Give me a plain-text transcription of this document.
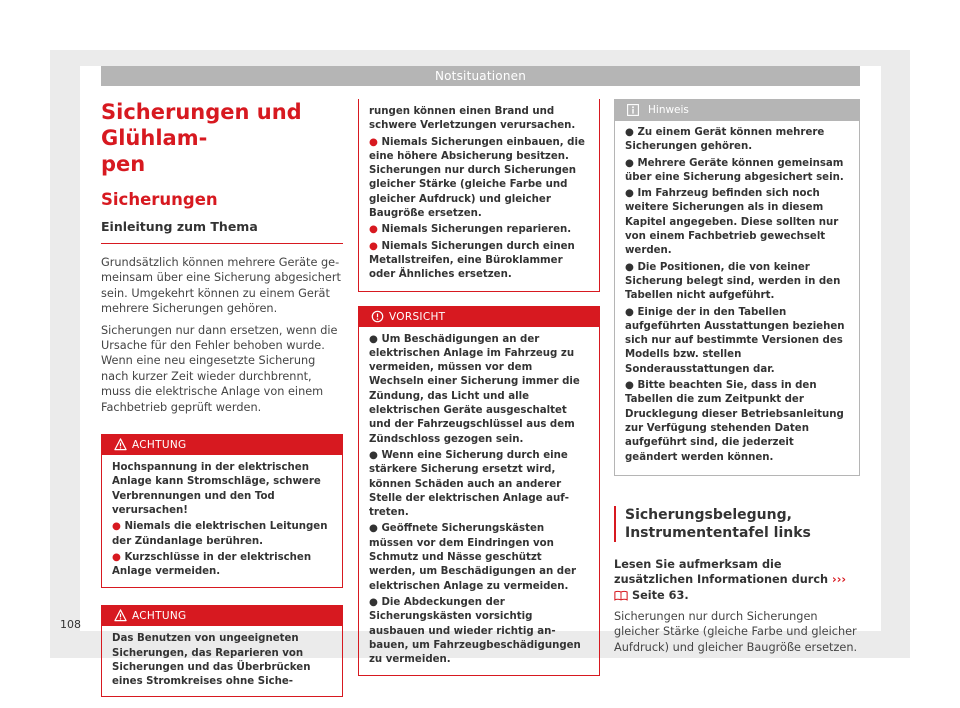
Notsituationen
Sicherungen und Glühlam-
pen
Sicherungen
Einleitung zum Thema

Grundsätzlich können mehrere Geräte gemeinsam über eine Sicherung abgesichert sein. Umgekehrt können zu einem Gerät mehrere Sicherungen gehören.

Sicherungen nur dann ersetzen, wenn die Ursache für den Fehler behoben wurde. Wenn eine neu eingesetzte Sicherung nach kurzer Zeit wieder durchbrennt, muss die elektrische Anlage von einem Fachbetrieb geprüft werden.

ACHTUNG

Hochspannung in der elektrischen Anlage kann Stromschläge, schwere Verbrennungen und den Tod verursachen!

● Niemals die elektrischen Leitungen der Zündanlage berühren.

● Kurzschlüsse in der elektrischen Anlage vermeiden.

ACHTUNG

Das Benutzen von ungeeigneten Sicherungen, das Reparieren von Sicherungen und das Überbrücken eines Stromkreises ohne Siche-

rungen können einen Brand und schwere Verletzungen verursachen.

● Niemals Sicherungen einbauen, die eine höhere Absicherung besitzen. Sicherungen nur durch Sicherungen gleicher Stärke (gleiche Farbe und gleicher Aufdruck) und gleicher Baugröße ersetzen.

● Niemals Sicherungen reparieren.

● Niemals Sicherungen durch einen Metallstreifen, eine Büroklammer oder Ähnliches ersetzen.

VORSICHT

● Um Beschädigungen an der elektrischen Anlage im Fahrzeug zu vermeiden, müssen vor dem Wechseln einer Sicherung immer die Zündung, das Licht und alle elektrischen Geräte ausgeschaltet und der Fahrzeugschlüssel aus dem Zündschloss gezogen sein.

● Wenn eine Sicherung durch eine stärkere Sicherung ersetzt wird, können Schäden auch an anderer Stelle der elektrischen Anlage auftreten.

● Geöffnete Sicherungskästen müssen vor dem Eindringen von Schmutz und Nässe geschützt werden, um Beschädigungen an der elektrischen Anlage zu vermeiden.

● Die Abdeckungen der Sicherungskästen vorsichtig ausbauen und wieder richtig anbauen, um Fahrzeugbeschädigungen zu vermeiden.

Hinweis

● Zu einem Gerät können mehrere Sicherungen gehören.

● Mehrere Geräte können gemeinsam über eine Sicherung abgesichert sein.

● Im Fahrzeug befinden sich noch weitere Sicherungen als in diesem Kapitel angegeben. Diese sollten nur von einem Fachbetrieb gewechselt werden.

● Die Positionen, die von keiner Sicherung belegt sind, werden in den Tabellen nicht aufgeführt.

● Einige der in den Tabellen aufgeführten Ausstattungen beziehen sich nur auf bestimmte Versionen des Modells bzw. stellen Sonderausstattungen dar.

● Bitte beachten Sie, dass in den Tabellen die zum Zeitpunkt der Drucklegung dieser Betriebsanleitung zur Verfügung stehenden Daten aufgeführt sind, die jederzeit geändert werden können.

Sicherungsbelegung, Instrumententafel links

Lesen Sie aufmerksam die zusätzlichen Informationen durch ›››  Seite 63.

Sicherungen nur durch Sicherungen gleicher Stärke (gleiche Farbe und gleicher Aufdruck) und gleicher Baugröße ersetzen.

108
